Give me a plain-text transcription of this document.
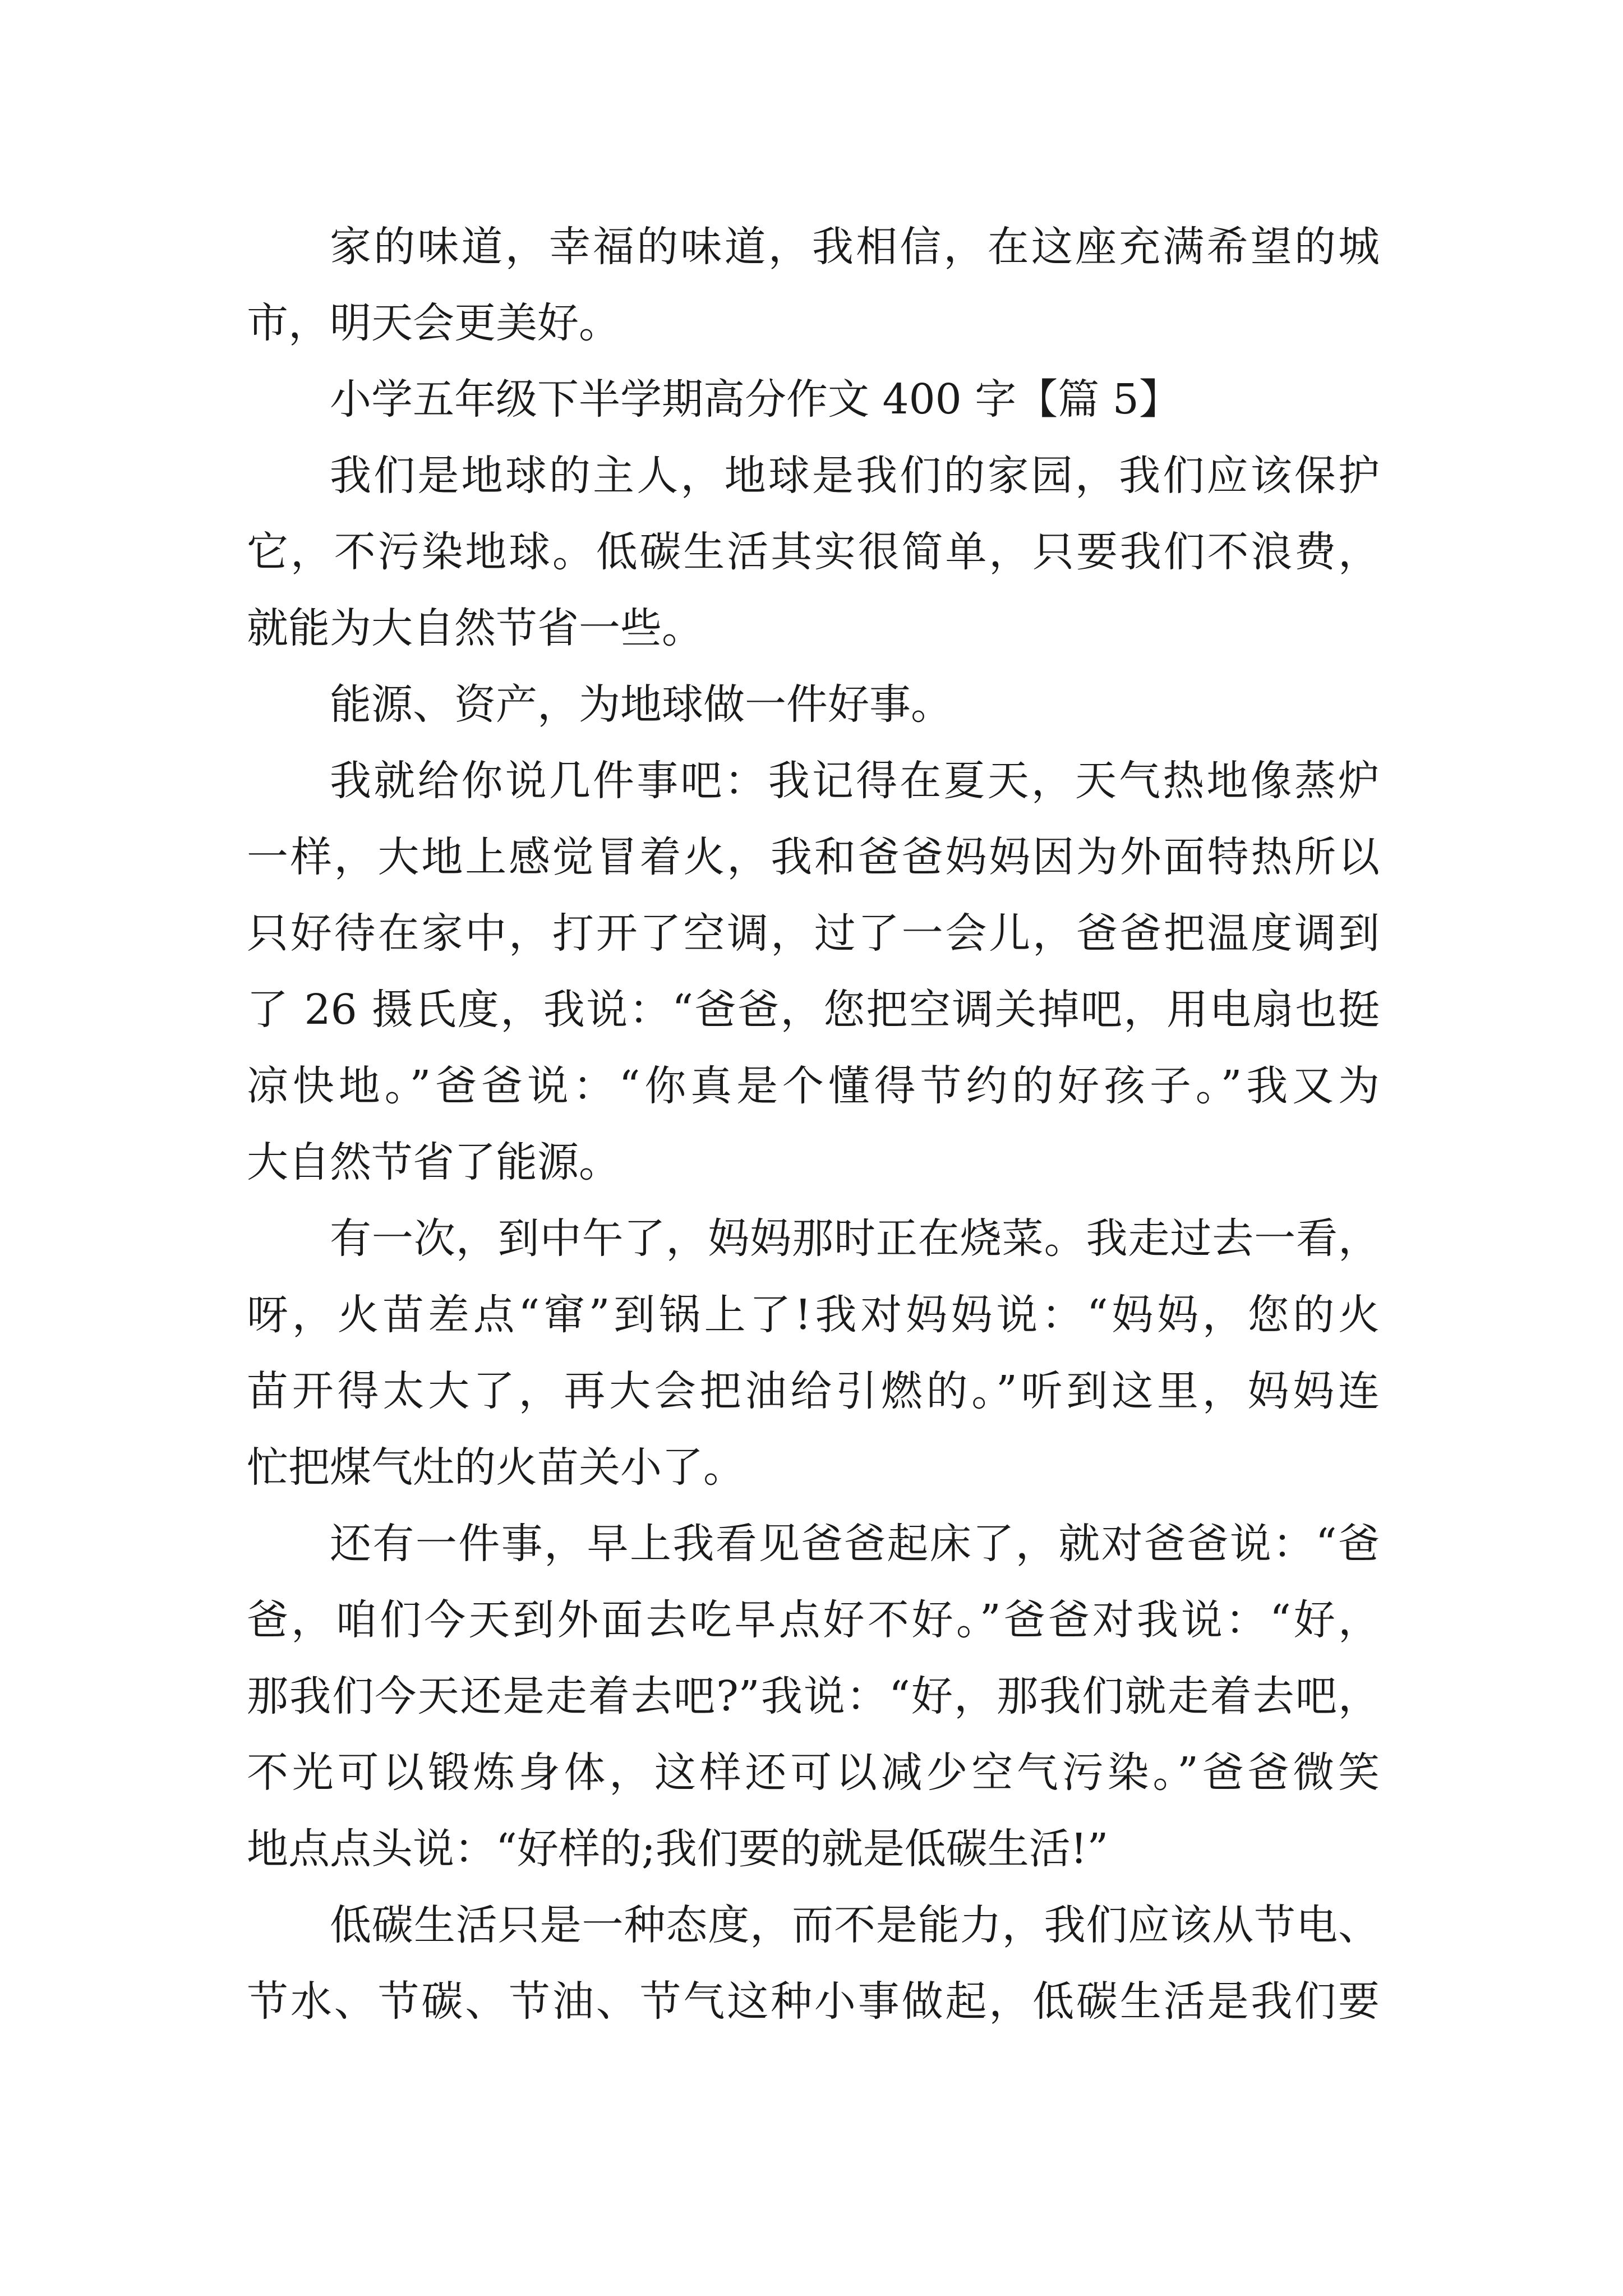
家的味道，幸福的味道，我相信，在这座充满希望的城
市，明天会更美好。
小学五年级下半学期高分作文 400 字【篇 5】
我们是地球的主人，地球是我们的家园，我们应该保护
它，不污染地球。低碳生活其实很简单，只要我们不浪费，
就能为大自然节省一些。
能源、资产，为地球做一件好事。
我就给你说几件事吧：我记得在夏天，天气热地像蒸炉
一样，大地上感觉冒着火，我和爸爸妈妈因为外面特热所以
只好待在家中，打开了空调，过了一会儿，爸爸把温度调到
了 26 摄氏度，我说：“爸爸，您把空调关掉吧，用电扇也挺
凉快地。”爸爸说：“你真是个懂得节约的好孩子。”我又为
大自然节省了能源。
有一次，到中午了，妈妈那时正在烧菜。我走过去一看，
呀，火苗差点“窜”到锅上了!我对妈妈说：“妈妈，您的火
苗开得太大了，再大会把油给引燃的。”听到这里，妈妈连
忙把煤气灶的火苗关小了。
还有一件事，早上我看见爸爸起床了，就对爸爸说：“爸
爸，咱们今天到外面去吃早点好不好。”爸爸对我说：“好，
那我们今天还是走着去吧?”我说：“好，那我们就走着去吧，
不光可以锻炼身体，这样还可以减少空气污染。”爸爸微笑
地点点头说：“好样的;我们要的就是低碳生活!”
低碳生活只是一种态度，而不是能力，我们应该从节电、
节水、节碳、节油、节气这种小事做起，低碳生活是我们要
